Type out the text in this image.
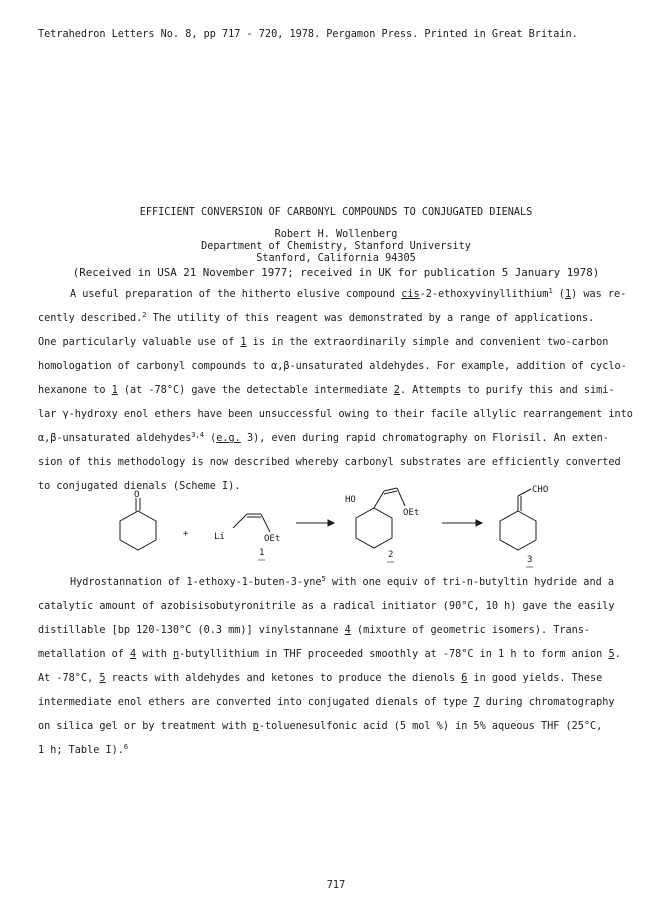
Tetrahedron Letters No. 8, pp 717 - 720, 1978. Pergamon Press. Printed in Great Britain.
EFFICIENT CONVERSION OF CARBONYL COMPOUNDS TO CONJUGATED DIENALS
Robert H. Wollenberg
Department of Chemistry, Stanford University
Stanford, California 94305
(Received in USA 21 November 1977; received in UK for publication 5 January 1978)
A useful preparation of the hitherto elusive compound cis-2-ethoxyvinyllithium$^1$ (1) was re-
cently described.$^2$ The utility of this reagent was demonstrated by a range of applications.
One particularly valuable use of 1 is in the extraordinarily simple and convenient two-carbon
homologation of carbonyl compounds to α,β-unsaturated aldehydes. For example, addition of cyclo-
hexanone to 1 (at -78°C) gave the detectable intermediate 2. Attempts to purify this and simi-
lar γ-hydroxy enol ethers have been unsuccessful owing to their facile allylic rearrangement into
α,β-unsaturated aldehydes$^{3,4}$ (e.g. 3), even during rapid chromatography on Florisil. An exten-
sion of this methodology is now described whereby carbonyl substrates are efficiently converted
to conjugated dienals (Scheme I).
O
+	Li	OEt
HO
OEt
CHO
1	2	3
Hydrostannation of 1-ethoxy-1-buten-3-yne$^5$ with one equiv of tri-n-butyltin hydride and a
catalytic amount of azobisisobutyronitrile as a radical initiator (90°C, 10 h) gave the easily
distillable [bp 120-130°C (0.3 mm)] vinylstannane 4 (mixture of geometric isomers). Trans-
metallation of 4 with n-butyllithium in THF proceeded smoothly at -78°C in 1 h to form anion 5.
At -78°C, 5 reacts with aldehydes and ketones to produce the dienols 6 in good yields. These
intermediate enol ethers are converted into conjugated dienals of type 7 during chromatography
on silica gel or by treatment with p-toluenesulfonic acid (5 mol %) in 5% aqueous THF (25°C,
1 h; Table I).$^6$
717
